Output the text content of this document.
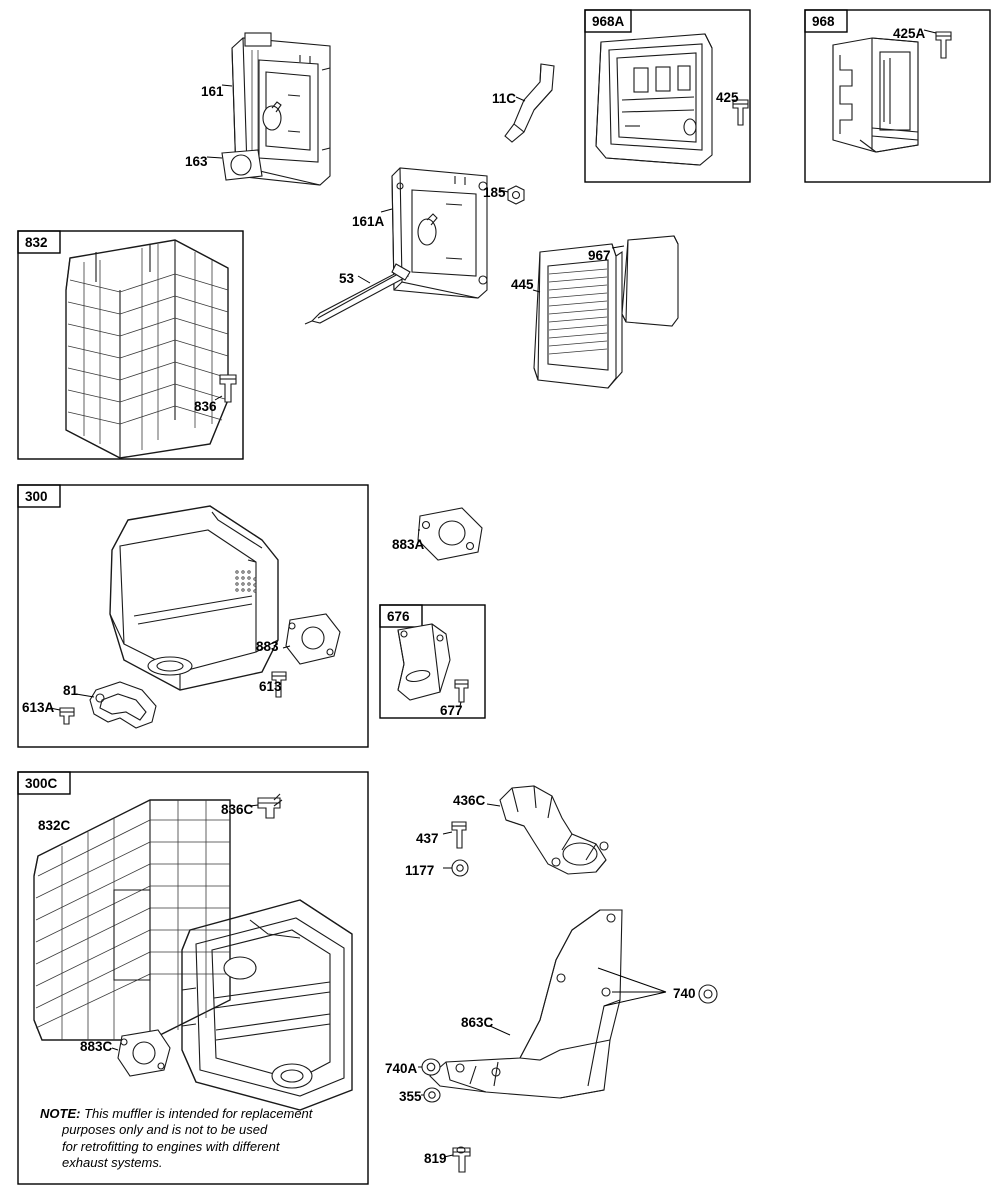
968A	968
832
300
676
300C
161
163
11C	425
425A
185
161A
967
445
53
836
883A
883
613
81
613A	677
436C
437
1177
836C
832C
883C
740
863C
740A
355
819
NOTE: This muffler is intended for replacement
purposes only and is not to be used
for retrofitting to engines with different
exhaust systems.
